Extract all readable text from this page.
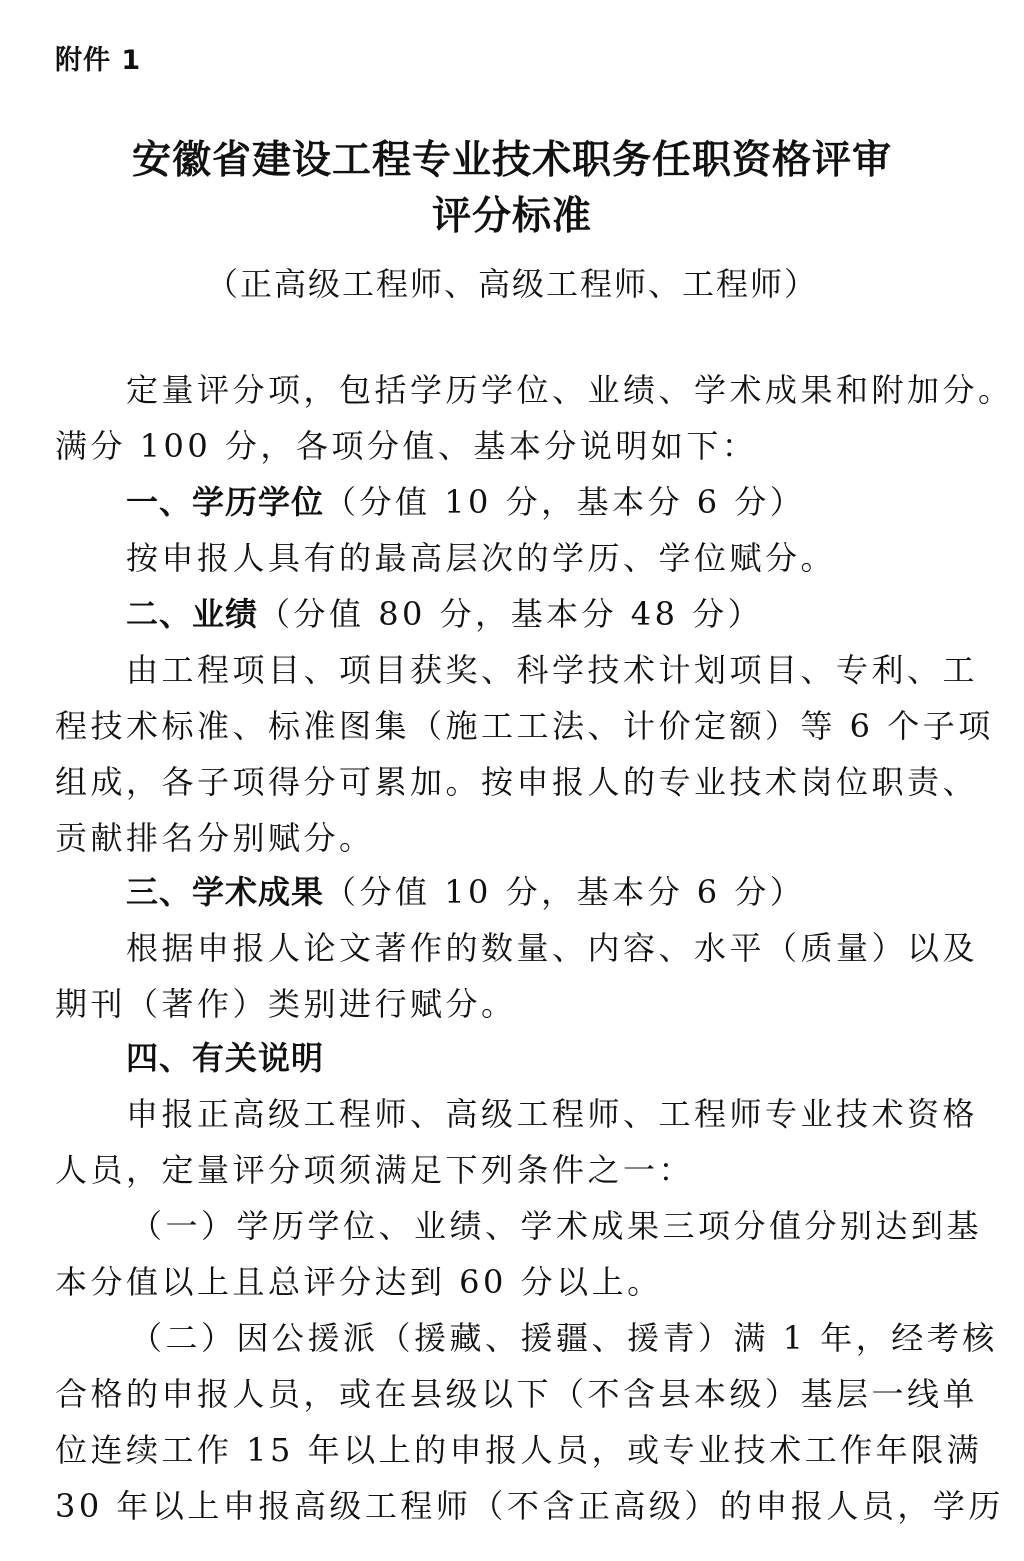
附件 1
安徽省建设工程专业技术职务任职资格评审
评分标准
（正高级工程师、高级工程师、工程师）
定量评分项，包括学历学位、业绩、学术成果和附加分。
满分 100 分，各项分值、基本分说明如下：
一、学历学位（分值 10 分，基本分 6 分）
按申报人具有的最高层次的学历、学位赋分。
二、业绩（分值 80 分，基本分 48 分）
由工程项目、项目获奖、科学技术计划项目、专利、工
程技术标准、标准图集（施工工法、计价定额）等 6 个子项
组成，各子项得分可累加。按申报人的专业技术岗位职责、
贡献排名分别赋分。
三、学术成果（分值 10 分，基本分 6 分）
根据申报人论文著作的数量、内容、水平（质量）以及
期刊（著作）类别进行赋分。
四、有关说明
申报正高级工程师、高级工程师、工程师专业技术资格
人员，定量评分项须满足下列条件之一：
（一）学历学位、业绩、学术成果三项分值分别达到基
本分值以上且总评分达到 60 分以上。
（二）因公援派（援藏、援疆、援青）满 1 年，经考核
合格的申报人员，或在县级以下（不含县本级）基层一线单
位连续工作 15 年以上的申报人员，或专业技术工作年限满
30 年以上申报高级工程师（不含正高级）的申报人员，学历
